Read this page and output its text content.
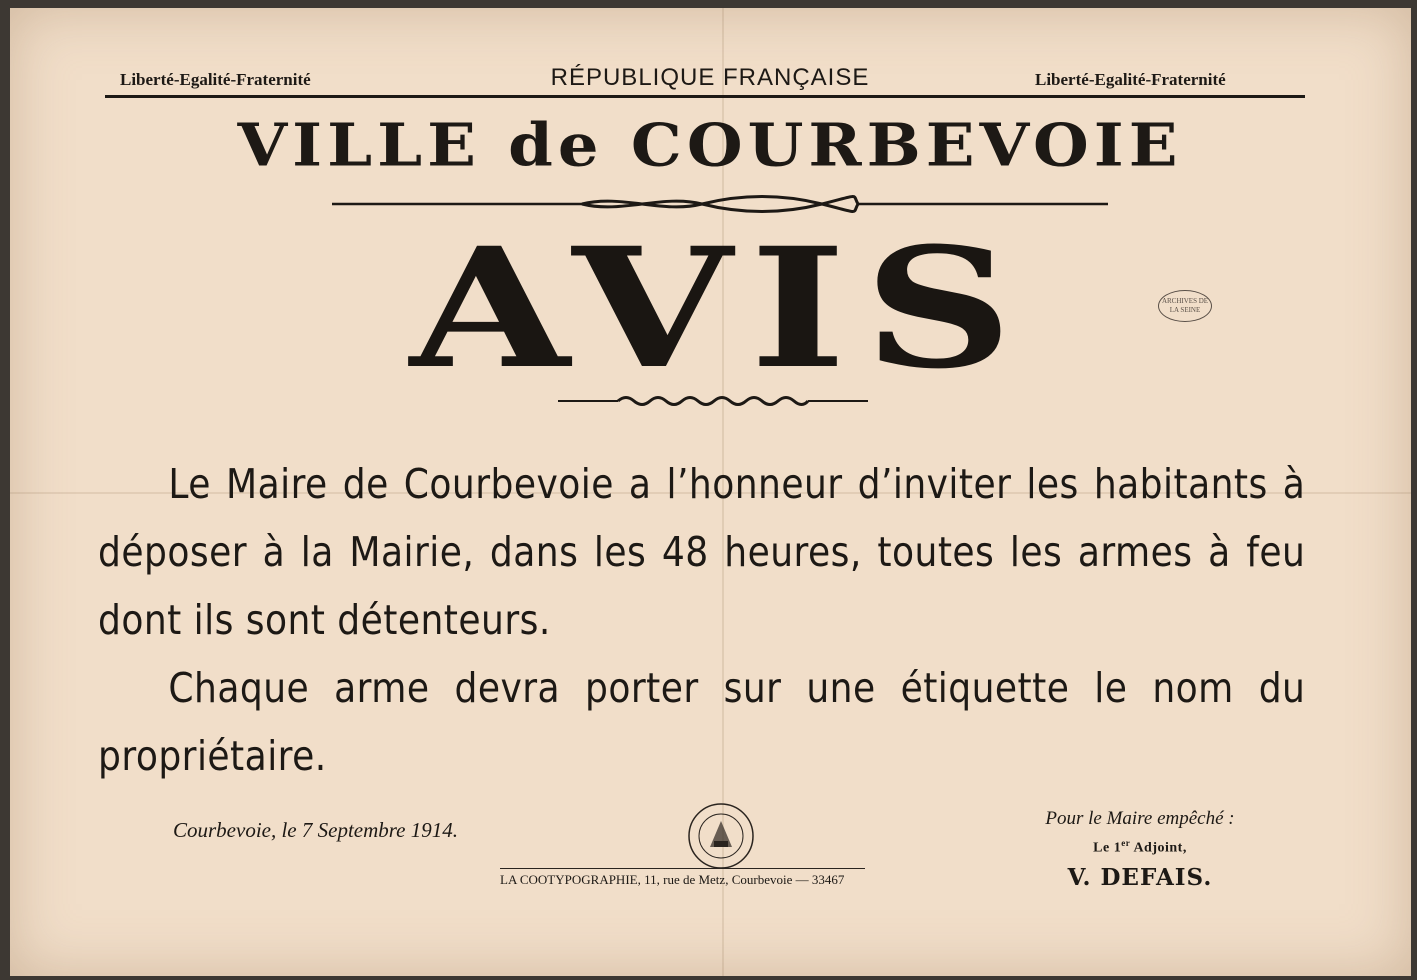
Liberté-Egalité-Fraternité	RÉPUBLIQUE FRANÇAISE	Liberté-Egalité-Fraternité
VILLE de COURBEVOIE
AVIS	ARCHIVES DE LA SEINE

Le Maire de Courbevoie a l’honneur d’inviter les habitants à déposer à la Mairie, dans les 48 heures, toutes les armes à feu dont ils sont détenteurs.

Chaque arme devra porter sur une étiquette le nom du propriétaire.

Courbevoie, le 7 Septembre 1914.
LA COOTYPOGRAPHIE, 11, rue de Metz, Courbevoie — 33467
Pour le Maire empêché :
Le 1er Adjoint,
V. DEFAIS.
